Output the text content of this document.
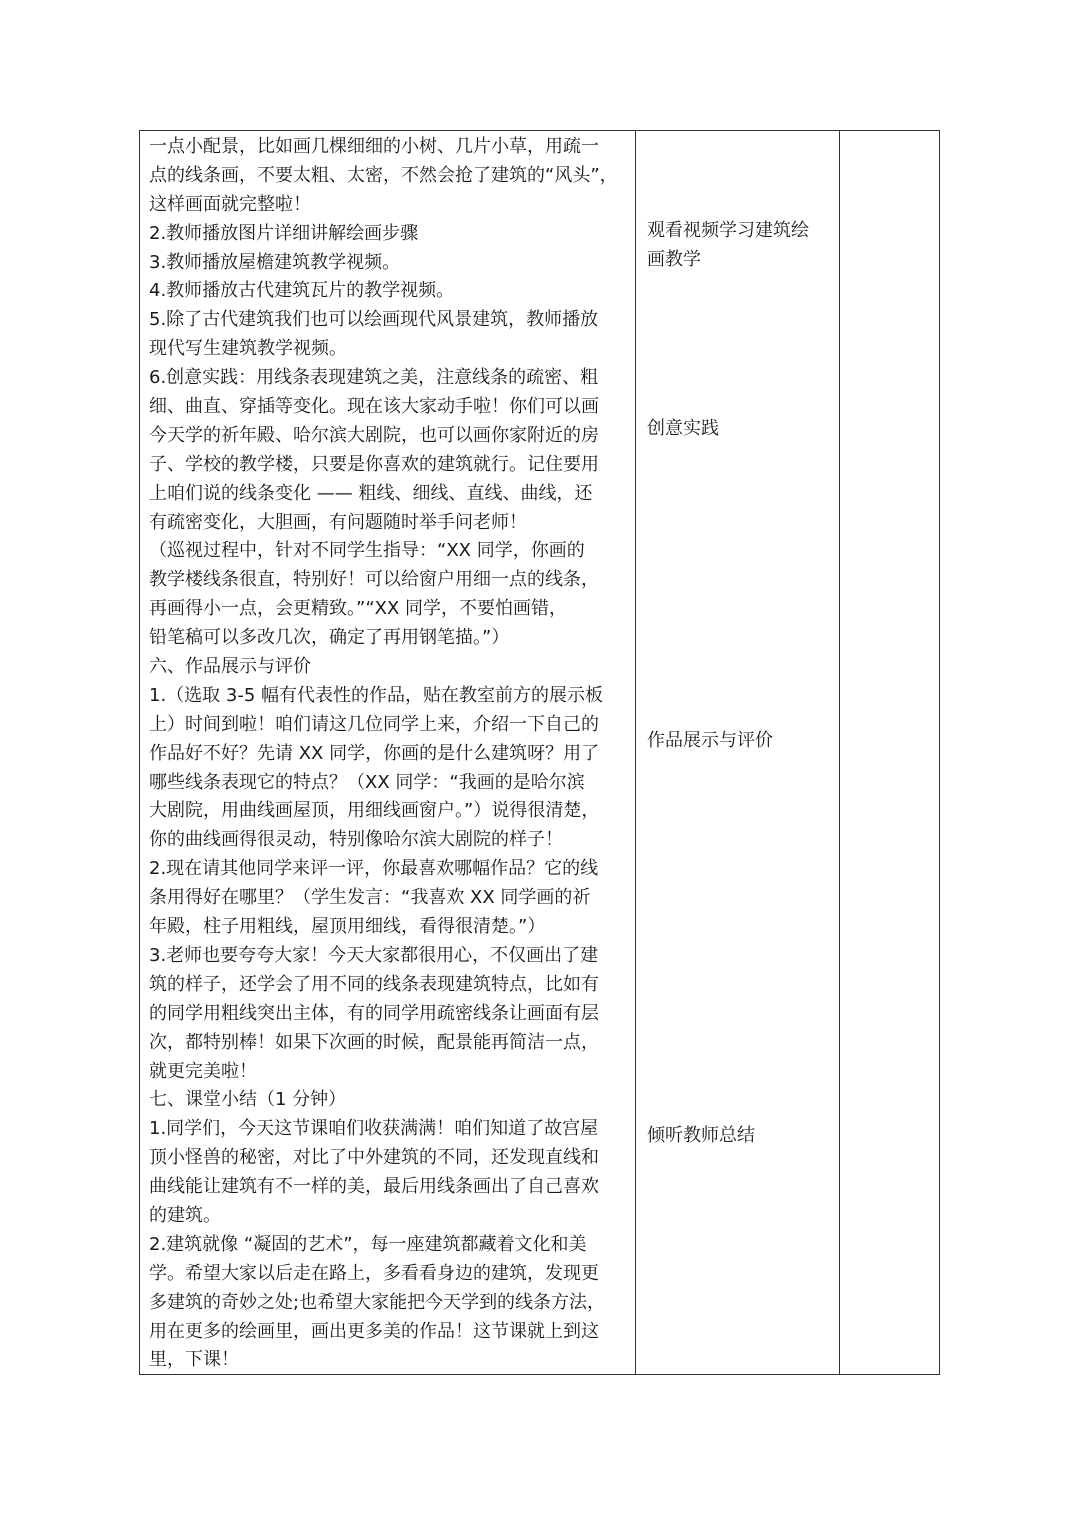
一点小配景，比如画几棵细细的小树、几片小草，用疏一
点的线条画，不要太粗、太密，不然会抢了建筑的“风头”，
这样画面就完整啦！
2.教师播放图片详细讲解绘画步骤
3.教师播放屋檐建筑教学视频。
4.教师播放古代建筑瓦片的教学视频。
5.除了古代建筑我们也可以绘画现代风景建筑，教师播放
现代写生建筑教学视频。
6.创意实践：用线条表现建筑之美，注意线条的疏密、粗
细、曲直、穿插等变化。现在该大家动手啦！你们可以画
今天学的祈年殿、哈尔滨大剧院，也可以画你家附近的房
子、学校的教学楼，只要是你喜欢的建筑就行。记住要用
上咱们说的线条变化 —— 粗线、细线、直线、曲线，还
有疏密变化，大胆画，有问题随时举手问老师！
（巡视过程中，针对不同学生指导：“XX 同学，你画的
教学楼线条很直，特别好！可以给窗户用细一点的线条，
再画得小一点，会更精致。”“XX 同学，不要怕画错，
铅笔稿可以多改几次，确定了再用钢笔描。”）
六、作品展示与评价
1.（选取 3-5 幅有代表性的作品，贴在教室前方的展示板
上）时间到啦！咱们请这几位同学上来，介绍一下自己的
作品好不好？先请 XX 同学，你画的是什么建筑呀？用了
哪些线条表现它的特点？（XX 同学：“我画的是哈尔滨
大剧院，用曲线画屋顶，用细线画窗户。”）说得很清楚，
你的曲线画得很灵动，特别像哈尔滨大剧院的样子！
2.现在请其他同学来评一评，你最喜欢哪幅作品？它的线
条用得好在哪里？（学生发言：“我喜欢 XX 同学画的祈
年殿，柱子用粗线，屋顶用细线，看得很清楚。”）
3.老师也要夸夸大家！今天大家都很用心，不仅画出了建
筑的样子，还学会了用不同的线条表现建筑特点，比如有
的同学用粗线突出主体，有的同学用疏密线条让画面有层
次，都特别棒！如果下次画的时候，配景能再简洁一点，
就更完美啦！
七、课堂小结（1 分钟）
1.同学们，今天这节课咱们收获满满！咱们知道了故宫屋
顶小怪兽的秘密，对比了中外建筑的不同，还发现直线和
曲线能让建筑有不一样的美，最后用线条画出了自己喜欢
的建筑。
2.建筑就像 “凝固的艺术”，每一座建筑都藏着文化和美
学。希望大家以后走在路上，多看看身边的建筑，发现更
多建筑的奇妙之处;也希望大家能把今天学到的线条方法，
用在更多的绘画里，画出更多美的作品！这节课就上到这
里，下课！
观看视频学习建筑绘
画教学
创意实践
作品展示与评价
倾听教师总结
